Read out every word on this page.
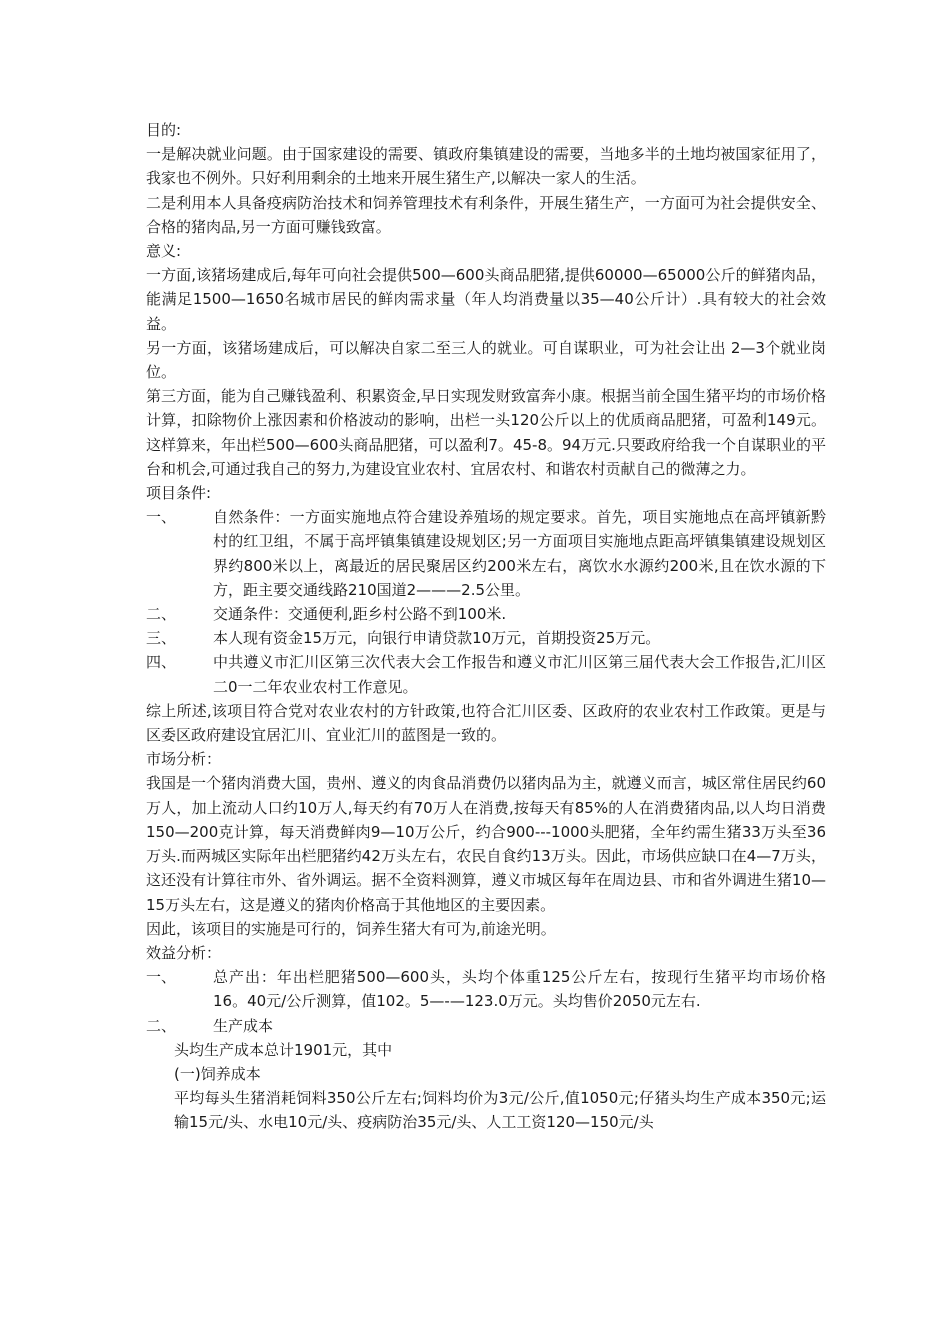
目的:

一是解决就业问题。由于国家建设的需要、镇政府集镇建设的需要，当地多半的土地均被国家征用了，我家也不例外。只好利用剩余的土地来开展生猪生产,以解决一家人的生活。

二是利用本人具备疫病防治技术和饲养管理技术有利条件，开展生猪生产，一方面可为社会提供安全、合格的猪肉品,另一方面可赚钱致富。

意义:

一方面,该猪场建成后,每年可向社会提供500—600头商品肥猪,提供60000—65000公斤的鲜猪肉品，能满足1500—1650名城市居民的鲜肉需求量（年人均消费量以35—40公斤计）.具有较大的社会效益。

另一方面，该猪场建成后，可以解决自家二至三人的就业。可自谋职业，可为社会让出 2—3个就业岗位。

第三方面，能为自己赚钱盈利、积累资金,早日实现发财致富奔小康。根据当前全国生猪平均的市场价格计算，扣除物价上涨因素和价格波动的影响，出栏一头120公斤以上的优质商品肥猪，可盈利149元。这样算来，年出栏500—600头商品肥猪，可以盈利7。45-8。94万元.只要政府给我一个自谋职业的平台和机会,可通过我自己的努力,为建设宜业农村、宜居农村、和谐农村贡献自己的微薄之力。

项目条件:

一、	自然条件：一方面实施地点符合建设养殖场的规定要求。首先，项目实施地点在高坪镇新黔村的红卫组，不属于高坪镇集镇建设规划区;另一方面项目实施地点距高坪镇集镇建设规划区界约800米以上，离最近的居民聚居区约200米左右，离饮水水源约200米,且在饮水源的下方，距主要交通线路210国道2———2.5公里。
二、	交通条件：交通便利,距乡村公路不到100米.
三、	本人现有资金15万元，向银行申请贷款10万元，首期投资25万元。
四、	中共遵义市汇川区第三次代表大会工作报告和遵义市汇川区第三届代表大会工作报告,汇川区二0一二年农业农村工作意见。

综上所述,该项目符合党对农业农村的方针政策,也符合汇川区委、区政府的农业农村工作政策。更是与区委区政府建设宜居汇川、宜业汇川的蓝图是一致的。

市场分析：

我国是一个猪肉消费大国，贵州、遵义的肉食品消费仍以猪肉品为主，就遵义而言，城区常住居民约60万人，加上流动人口约10万人,每天约有70万人在消费,按每天有85%的人在消费猪肉品,以人均日消费150—200克计算，每天消费鲜肉9—10万公斤，约合900---1000头肥猪，全年约需生猪33万头至36万头.而两城区实际年出栏肥猪约42万头左右，农民自食约13万头。因此，市场供应缺口在4—7万头，这还没有计算往市外、省外调运。据不全资料测算，遵义市城区每年在周边县、市和省外调进生猪10—15万头左右，这是遵义的猪肉价格高于其他地区的主要因素。

因此，该项目的实施是可行的，饲养生猪大有可为,前途光明。

效益分析：

一、	总产出：年出栏肥猪500—600头，头均个体重125公斤左右，按现行生猪平均市场价格16。40元/公斤测算，值102。5—-—123.0万元。头均售价2050元左右.
二、	生产成本

头均生产成本总计1901元，其中

(一)饲养成本

平均每头生猪消耗饲料350公斤左右;饲料均价为3元/公斤,值1050元;仔猪头均生产成本350元;运输15元/头、水电10元/头、疫病防治35元/头、人工工资120—150元/头
